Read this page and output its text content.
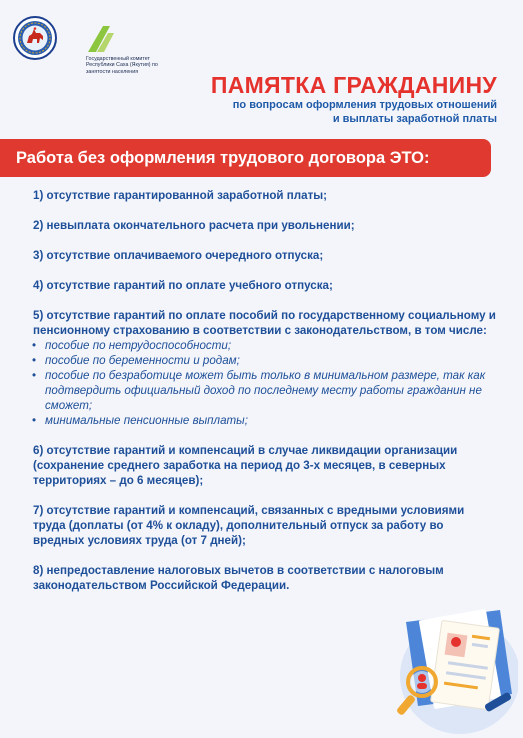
Государственный комитет Республики Саха (Якутия) по занятости населения
ПАМЯТКА ГРАЖДАНИНУ
по вопросам оформления трудовых отношений
и выплаты заработной платы
Работа без оформления трудового договора ЭТО:

1) отсутствие гарантированной заработной платы;

2) невыплата окончательного расчета при увольнении;

3) отсутствие оплачиваемого очередного отпуска;

4) отсутствие гарантий по оплате учебного отпуска;

5) отсутствие гарантий по оплате пособий по государственному социальному и пенсионному страхованию в соответствии с законодательством, в том числе:
• пособие по нетрудоспособности;
• пособие по беременности и родам;
• пособие по безработице может быть только в минимальном размере, так как подтвердить официальный доход по последнему месту работы гражданин не сможет;
• минимальные пенсионные выплаты;

6) отсутствие гарантий и компенсаций в случае ликвидации организации (сохранение среднего заработка на период до 3-х месяцев, в северных территориях – до 6 месяцев);

7) отсутствие гарантий и компенсаций, связанных с вредными условиями труда (доплаты (от 4% к окладу), дополнительный отпуск за работу во вредных условиях труда (от 7 дней);

8) непредоставление налоговых вычетов в соответствии с налоговым законодательством Российской Федерации.
